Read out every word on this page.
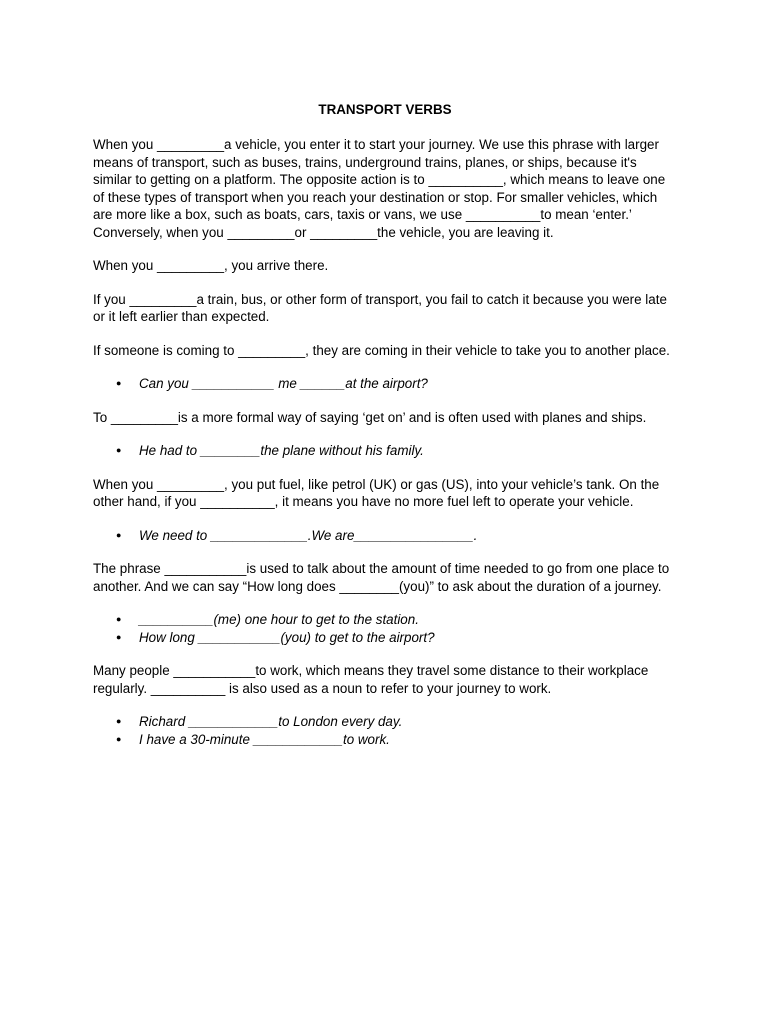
TRANSPORT VERBS

When you _________a vehicle, you enter it to start your journey. We use this phrase with larger means of transport, such as buses, trains, underground trains, planes, or ships, because it's similar to getting on a platform. The opposite action is to __________, which means to leave one of these types of transport when you reach your destination or stop. For smaller vehicles, which are more like a box, such as boats, cars, taxis or vans, we use __________to mean ‘enter.’ Conversely, when you _________or _________the vehicle, you are leaving it.

When you _________, you arrive there.

If you _________a train, bus, or other form of transport, you fail to catch it because you were late or it left earlier than expected.

If someone is coming to _________, they are coming in their vehicle to take you to another place.

● Can you ___________ me ______at the airport?

To _________is a more formal way of saying ‘get on’ and is often used with planes and ships.

● He had to ________the plane without his family.

When you _________, you put fuel, like petrol (UK) or gas (US), into your vehicle’s tank. On the other hand, if you __________, it means you have no more fuel left to operate your vehicle.

● We need to _____________.We are________________.

The phrase ___________is used to talk about the amount of time needed to go from one place to another. And we can say “How long does ________(you)” to ask about the duration of a journey.

● __________(me) one hour to get to the station.
● How long ___________(you) to get to the airport?

Many people ___________to work, which means they travel some distance to their workplace regularly. __________ is also used as a noun to refer to your journey to work.

● Richard ____________to London every day.
● I have a 30-minute ____________to work.
